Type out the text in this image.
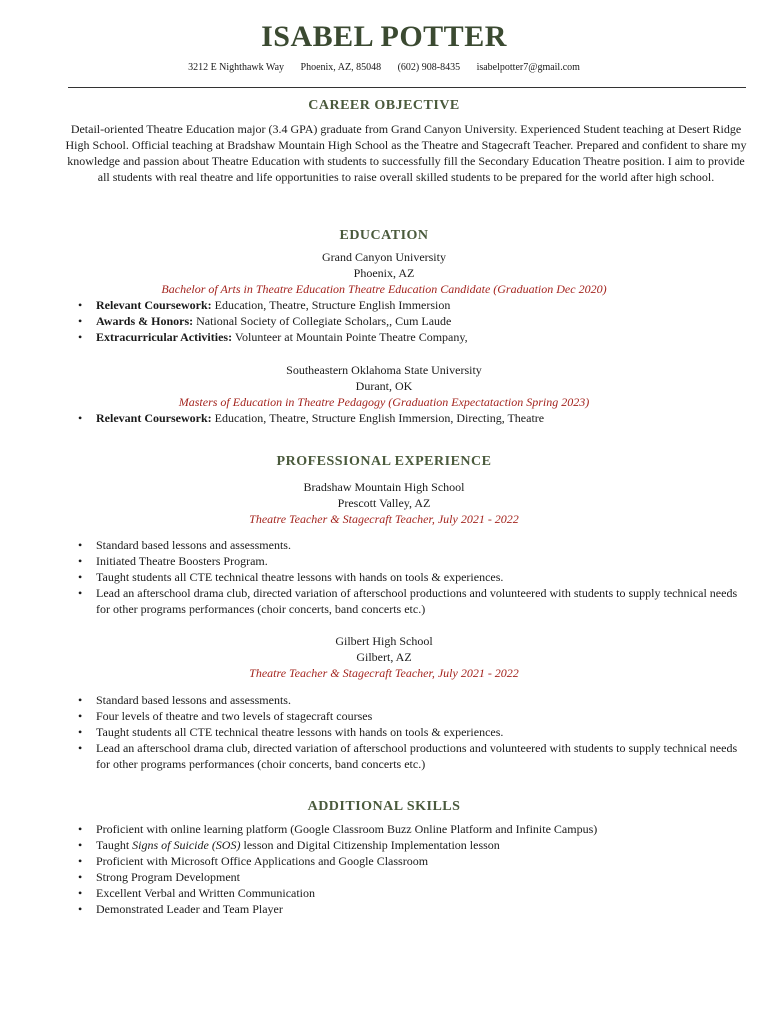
ISABEL POTTER
3212 E Nighthawk Way Phoenix, AZ, 85048 (602) 908-8435 isabelpotter7@gmail.com
CAREER OBJECTIVE
Detail-oriented Theatre Education major (3.4 GPA) graduate from Grand Canyon University. Experienced Student teaching at Desert Ridge High School. Official teaching at Bradshaw Mountain High School as the Theatre and Stagecraft Teacher. Prepared and confident to share my knowledge and passion about Theatre Education with students to successfully fill the Secondary Education Theatre position. I aim to provide all students with real theatre and life opportunities to raise overall skilled students to be prepared for the world after high school.
EDUCATION
Grand Canyon University
Phoenix, AZ
Bachelor of Arts in Theatre Education Theatre Education Candidate (Graduation Dec 2020)
• Relevant Coursework: Education, Theatre, Structure English Immersion
• Awards & Honors: National Society of Collegiate Scholars,, Cum Laude
• Extracurricular Activities: Volunteer at Mountain Pointe Theatre Company,
Southeastern Oklahoma State University
Durant, OK
Masters of Education in Theatre Pedagogy (Graduation Expectataction Spring 2023)
• Relevant Coursework: Education, Theatre, Structure English Immersion, Directing, Theatre
PROFESSIONAL EXPERIENCE
Bradshaw Mountain High School
Prescott Valley, AZ
Theatre Teacher & Stagecraft Teacher, July 2021 - 2022
• Standard based lessons and assessments.
• Initiated Theatre Boosters Program.
• Taught students all CTE technical theatre lessons with hands on tools & experiences.
• Lead an afterschool drama club, directed variation of afterschool productions and volunteered with students to supply technical needs for other programs performances (choir concerts, band concerts etc.)
Gilbert High School
Gilbert, AZ
Theatre Teacher & Stagecraft Teacher, July 2021 - 2022
• Standard based lessons and assessments.
• Four levels of theatre and two levels of stagecraft courses
• Taught students all CTE technical theatre lessons with hands on tools & experiences.
• Lead an afterschool drama club, directed variation of afterschool productions and volunteered with students to supply technical needs for other programs performances (choir concerts, band concerts etc.)
ADDITIONAL SKILLS
• Proficient with online learning platform (Google Classroom Buzz Online Platform and Infinite Campus)
• Taught Signs of Suicide (SOS) lesson and Digital Citizenship Implementation lesson
• Proficient with Microsoft Office Applications and Google Classroom
• Strong Program Development
• Excellent Verbal and Written Communication
• Demonstrated Leader and Team Player
